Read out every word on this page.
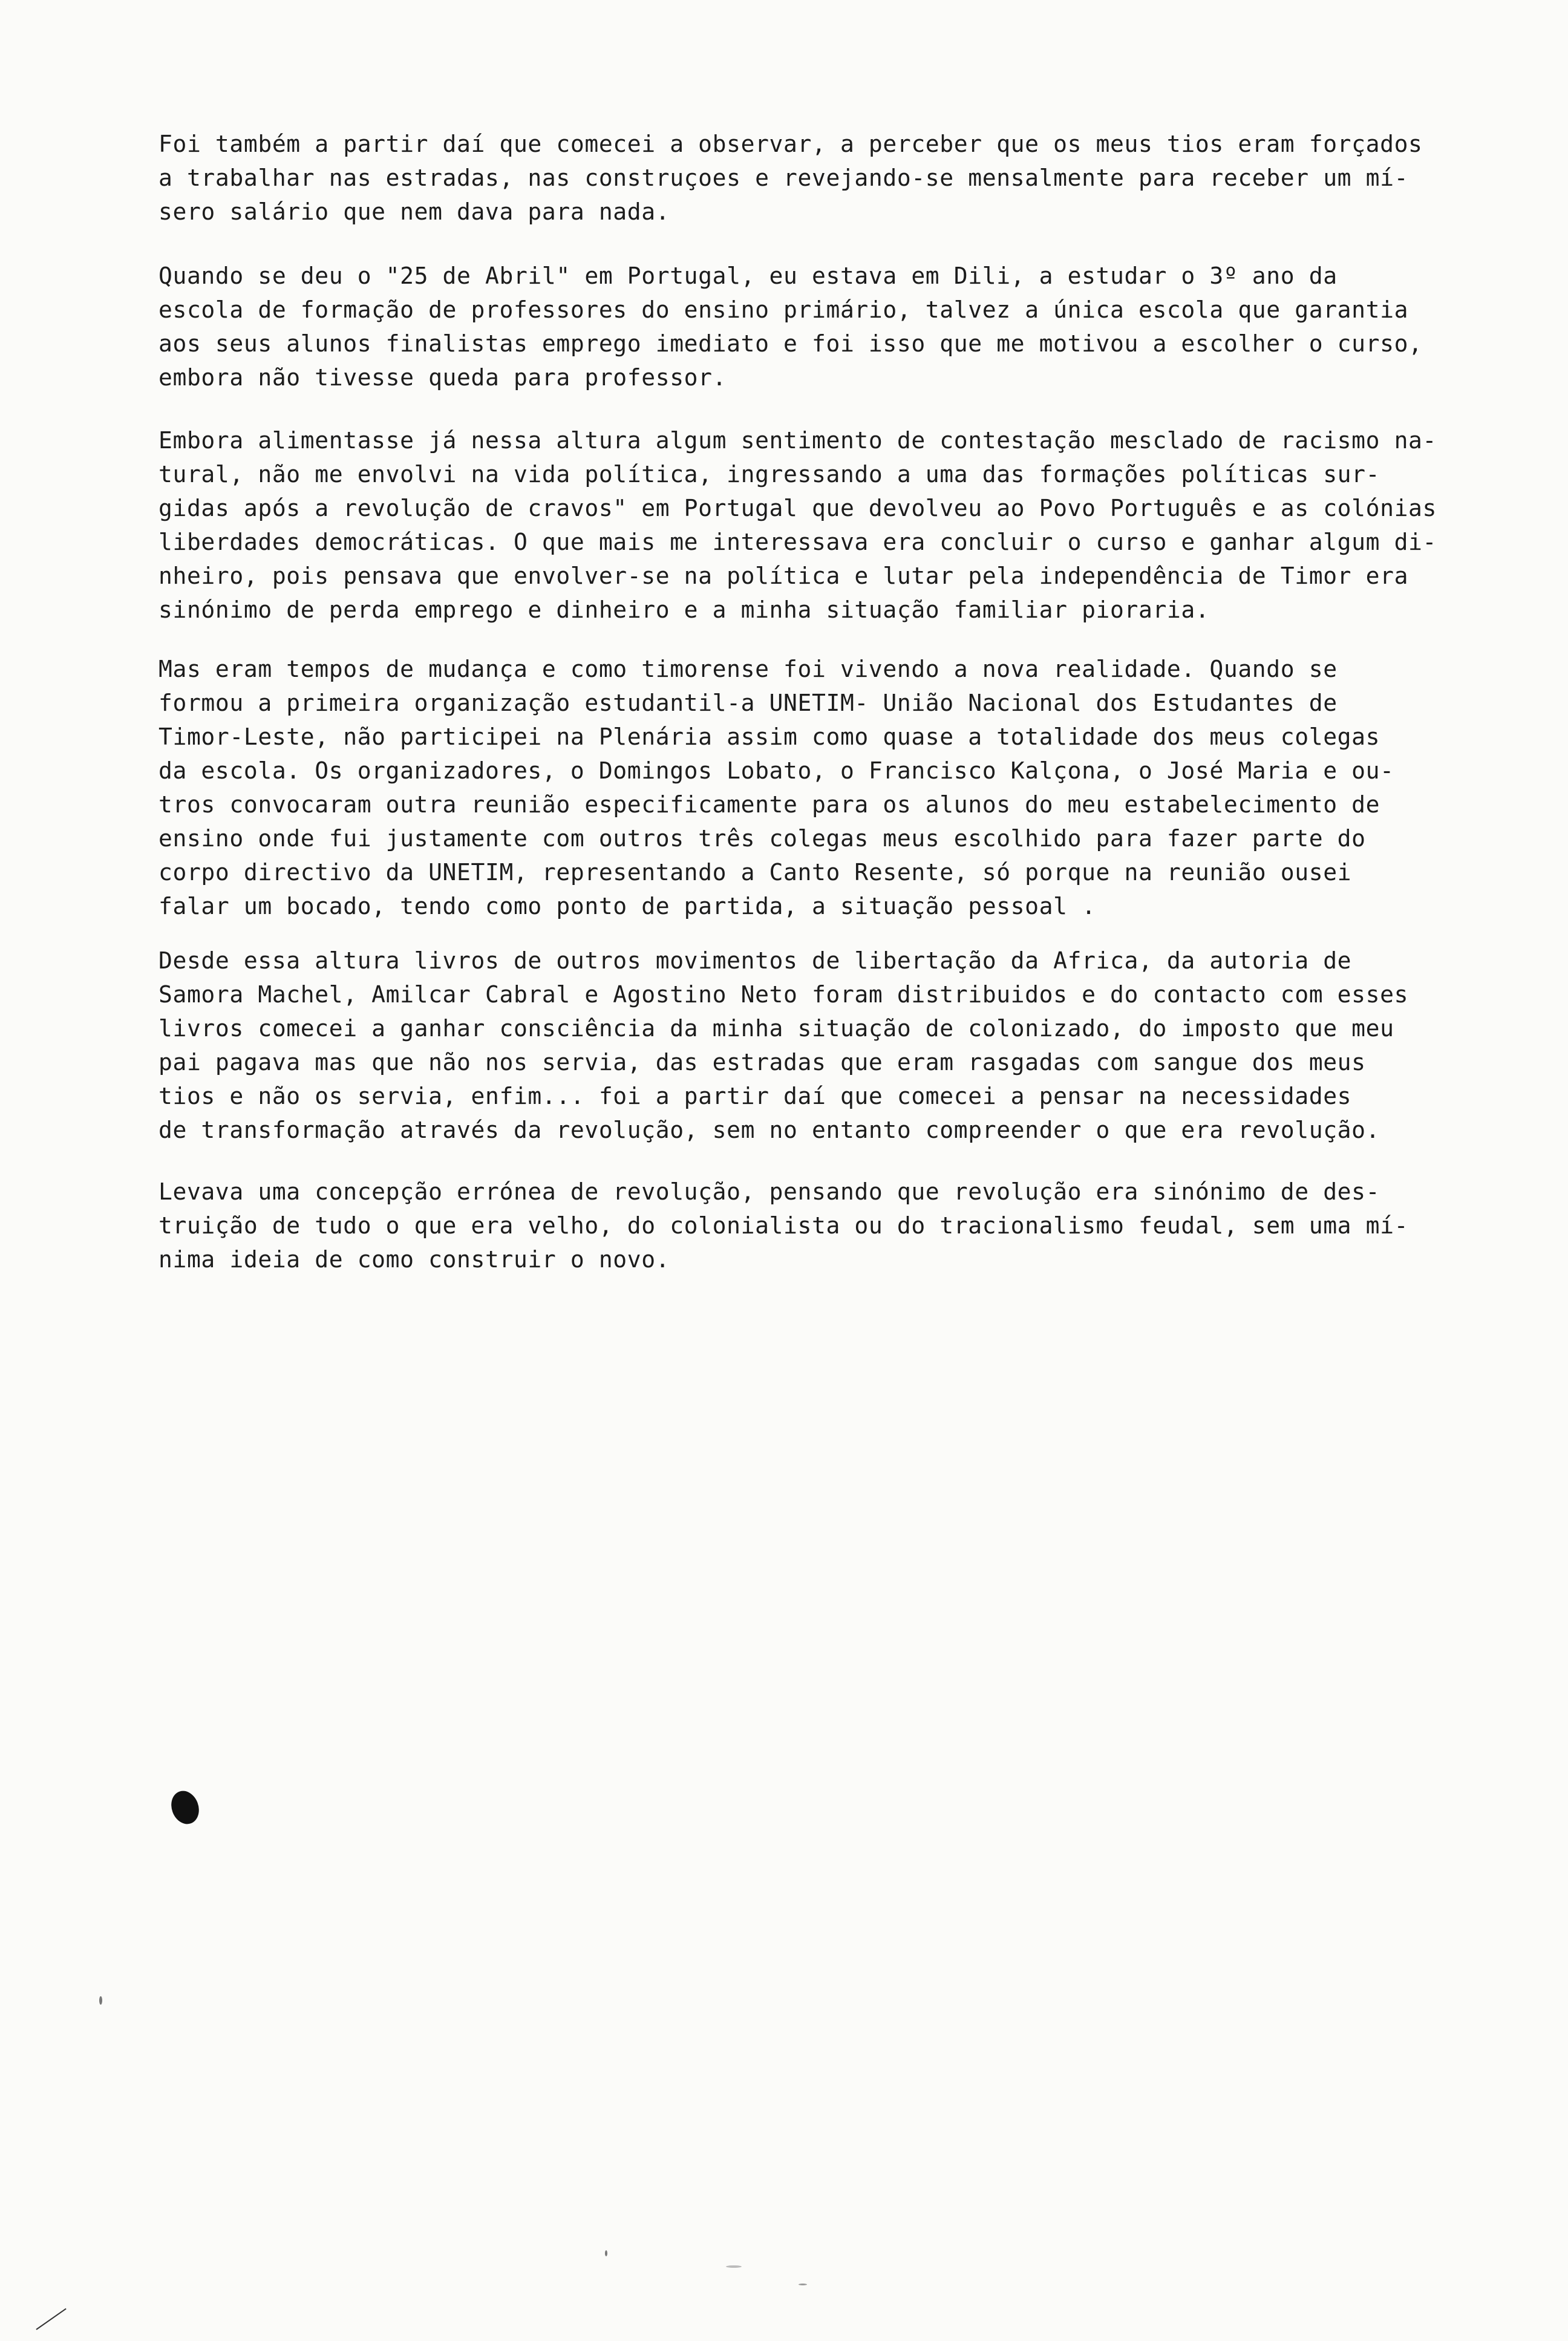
Foi também a partir daí que comecei a observar, a perceber que os meus tios eram forçados
a trabalhar nas estradas, nas construçoes e revejando-se mensalmente para receber um mí-
sero salário que nem dava para nada.
Quando se deu o "25 de Abril" em Portugal, eu estava em Dili, a estudar o 3º ano da
escola de formação de professores do ensino primário, talvez a única escola que garantia
aos seus alunos finalistas emprego imediato e foi isso que me motivou a escolher o curso,
embora não tivesse queda para professor.
Embora alimentasse já nessa altura algum sentimento de contestação mesclado de racismo na-
tural, não me envolvi na vida política, ingressando a uma das formações políticas sur-
gidas após a revolução de cravos" em Portugal que devolveu ao Povo Português e as colónias
liberdades democráticas. O que mais me interessava era concluir o curso e ganhar algum di-
nheiro, pois pensava que envolver-se na política e lutar pela independência de Timor era
sinónimo de perda emprego e dinheiro e a minha situação familiar pioraria.
Mas eram tempos de mudança e como timorense foi vivendo a nova realidade. Quando se
formou a primeira organização estudantil-a UNETIM- União Nacional dos Estudantes de
Timor-Leste, não participei na Plenária assim como quase a totalidade dos meus colegas
da escola. Os organizadores, o Domingos Lobato, o Francisco Kalçona, o José Maria e ou-
tros convocaram outra reunião especificamente para os alunos do meu estabelecimento de
ensino onde fui justamente com outros três colegas meus escolhido para fazer parte do
corpo directivo da UNETIM, representando a Canto Resente, só porque na reunião ousei
falar um bocado, tendo como ponto de partida, a situação pessoal .
Desde essa altura livros de outros movimentos de libertação da Africa, da autoria de
Samora Machel, Amilcar Cabral e Agostino Neto foram distribuidos e do contacto com esses
livros comecei a ganhar consciência da minha situação de colonizado, do imposto que meu
pai pagava mas que não nos servia, das estradas que eram rasgadas com sangue dos meus
tios e não os servia, enfim... foi a partir daí que comecei a pensar na necessidades
de transformação através da revolução, sem no entanto compreender o que era revolução.
Levava uma concepção errónea de revolução, pensando que revolução era sinónimo de des-
truição de tudo o que era velho, do colonialista ou do tracionalismo feudal, sem uma mí-
nima ideia de como construir o novo.
